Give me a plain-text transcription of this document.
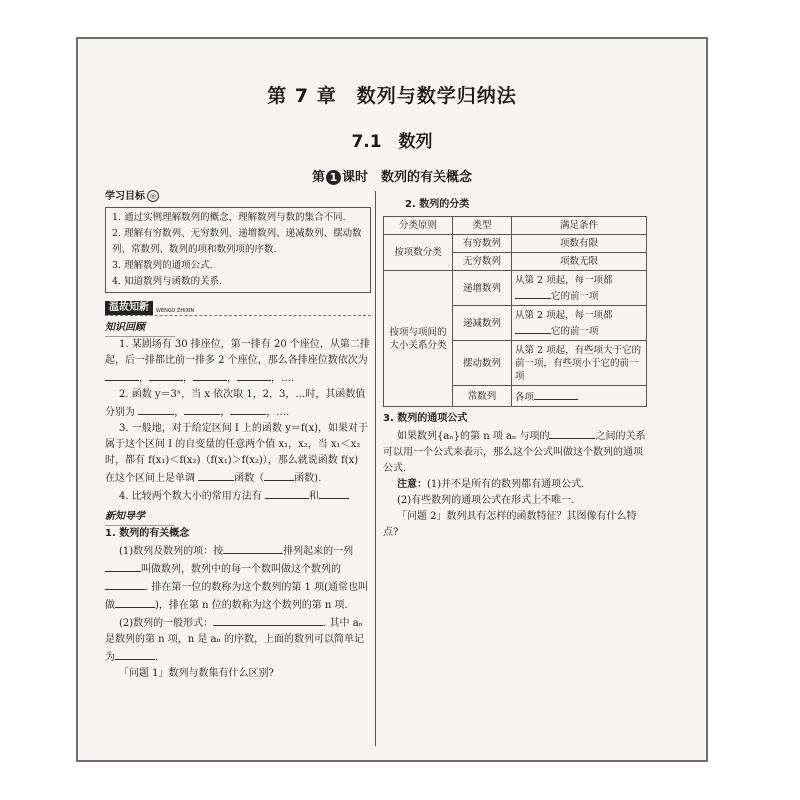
第 7 章　数列与数学归纳法
7.1　数列
第 1 课时　数列的有关概念
学习目标 ◎

1. 通过实例理解数列的概念，理解数列与数的集合不同.

2. 理解有穷数列、无穷数列、递增数列、递减数列、摆动数列、常数列、数列的项和数列项的序数.

3. 理解数列的通项公式.

4. 知道数列与函数的关系.

温故知新	WENGU ZHIXIN
知识回顾

1. 某剧场有 30 排座位，第一排有 20 个座位，从第二排起，后一排都比前一排多 2 个座位，那么各排座位数依次为 ，	，	，	，….

2. 函数 y＝3ˣ，当 x 依次取 1，2，3，…时，其函数值分别为	，	，	，….

3. 一般地，对于给定区间 I 上的函数 y＝f(x)，如果对于属于这个区间 I 的自变量的任意两个值 x₁，x₂，当 x₁＜x₂ 时，都有 f(x₁)＜f(x₂)（f(x₁)＞f(x₂)），那么就说函数 f(x) 在这个区间上是单调	函数（	函数).

4. 比较两个数大小的常用方法有	和

新知导学
1. 数列的有关概念

(1)数列及数列的项：按	排列起来的一列叫做数列，数列中的每一个数叫做这个数列的. 排在第一位的数称为这个数列的第 1 项(通常也叫做	)，排在第 n 位的数称为这个数列的第 n 项.

(2)数列的一般形式：	. 其中 aₙ 是数列的第 n 项，n 是 aₙ 的序数，上面的数列可以简单记为	.

「问题 1」数列与数集有什么区别?

2. 数列的分类
分类原则	类型	满足条件
按项数分类	有穷数列	项数有限
	无穷数列	项数无限
按项与项间的大小关系分类	递增数列	从第 2 项起，每一项都
它的前一项
	递减数列	从第 2 项起，每一项都
它的前一项
	摆动数列	从第 2 项起，有些项大于它的前一项，有些项小于它的前一项
	常数列	各项
3. 数列的通项公式

如果数列{aₙ}的第 n 项 aₙ 与项的	之间的关系可以用一个公式来表示，那么这个公式叫做这个数列的通项公式.

注意：(1)并不是所有的数列都有通项公式.

(2)有些数列的通项公式在形式上不唯一.

「问题 2」数列具有怎样的函数特征？其图像有什么特点?
